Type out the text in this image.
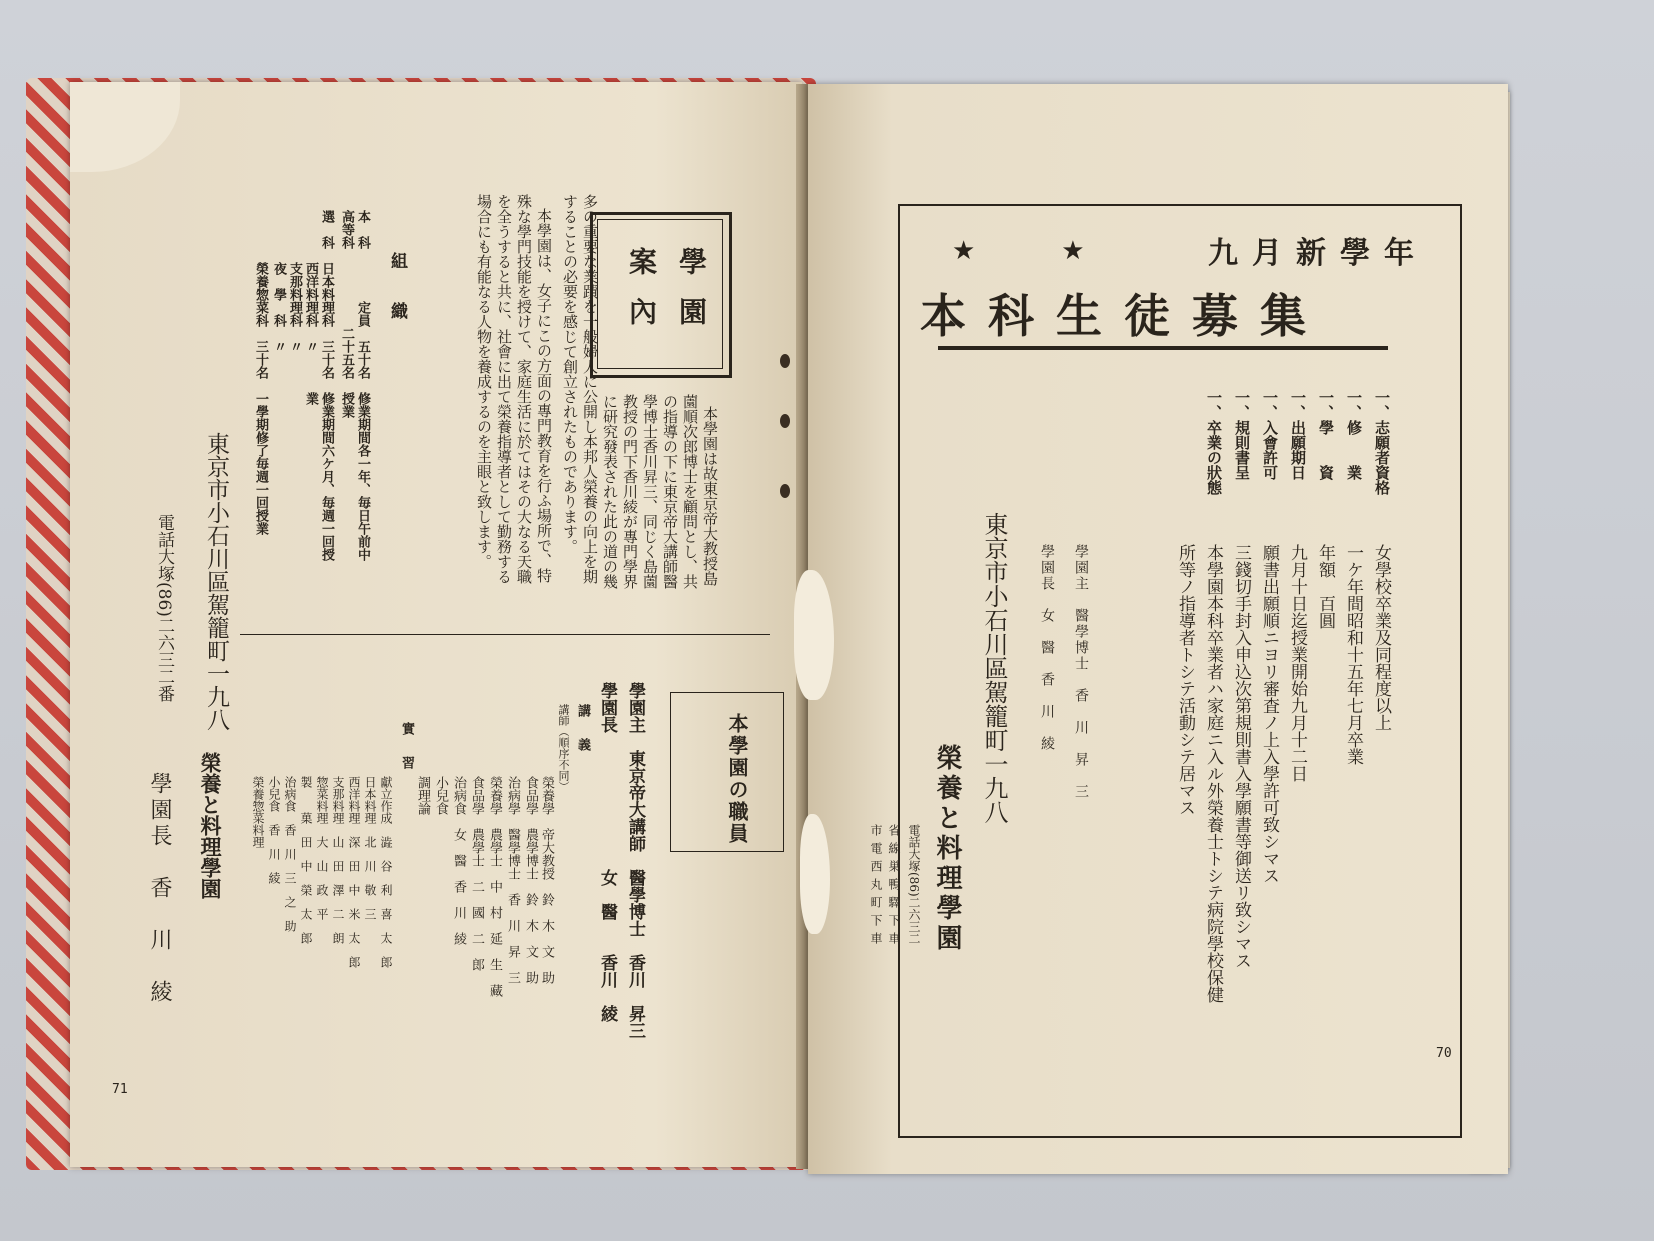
學園
案內
本學園は故東京帝大教授島
薗順次郎博士を顧問とし、共
の指導の下に東京帝大講師醫
學博士香川昇三、同じく島薗
教授の門下香川綾が專門學界
に研究發表された此の道の幾
多の重要な業蹟を一般婦人に公開し本邦人榮養の向上を期
することの必要を感じて創立されたものであります。
本學園は、女子にこの方面の專門教育を行ふ場所で、特
殊な學門技能を授けて、家庭生活に於てはその大なる天職
を全うすると共に、社會に出て榮養指導者として勤務する
場合にも有能なる人物を養成するのを主眼と致します。
組　織
本　科　　　　定員　五十名　修業期間各一年、毎日午前中
高等科　　　　　　二十五名　授業
選　科　日本料理科　三十名　修業期間六ケ月、毎週一回授
　　　　西洋料理科　〃　　　業
　　　　支那料理科　〃
　　　　夜　學　科　〃
　　　　榮養惣菜科　三十名　一學期修了毎週一回授業
東京市小石川區駕籠町一九八
電話大塚(86)二六三二番
本學園の職員
學園主　東京帝大講師　醫學博士　香川　昇三
學園長　　　　　　　　女　醫　　香川　綾
講　義
講師（順序不同）
榮養學　帝大教授　鈴　木　文　助
食品學　農學博士　鈴　木　文　助
治病學　醫學博士　香　川　昇　三
榮養學　農學士　中　村　延　生　藏
食品學　農學士　二　國　二　郎
治病食　女　醫　香　川　綾
小兒食
調理論
實　習
獻立作成　澁　谷　利　喜　太　郎
日本料理　北　川　敬　三
西洋料理　深　田　中　米　太　郎
支那料理　山　田　澤　二　朗
惣菜料理　大　山　政　平
製　　菓　田　中　榮　太　郎
治病食　香　川　三　之　助
小兒食　香　川　綾
榮養惣菜料理
榮養と料理學園
學園長　香　川　綾
71
★　★	九月新學年
本科生徒募集
一、志願者資格
一、修　　業
一、學　　資
一、出願期日
一、入會許可
一、規則書呈
一、卒業の狀態
女學校卒業及同程度以上
一ケ年間昭和十五年七月卒業
年額　百圓
九月十日迄授業開始九月十二日
願書出願順ニヨリ審査ノ上入學許可致シマス
三錢切手封入申込次第規則書入學願書等御送リ致シマス
本學園本科卒業者ハ家庭ニ入ル外榮養士トシテ病院學校保健
所等ノ指導者トシテ活動シテ居マス
學園主　醫學博士　香　川　昇　三
學園長　女　醫　香　川　綾
東京市小石川區駕籠町一九八
榮養と料理學園
電話大塚(86)二六三二
省線巣鴨驛下車
市電西丸町下車
70
